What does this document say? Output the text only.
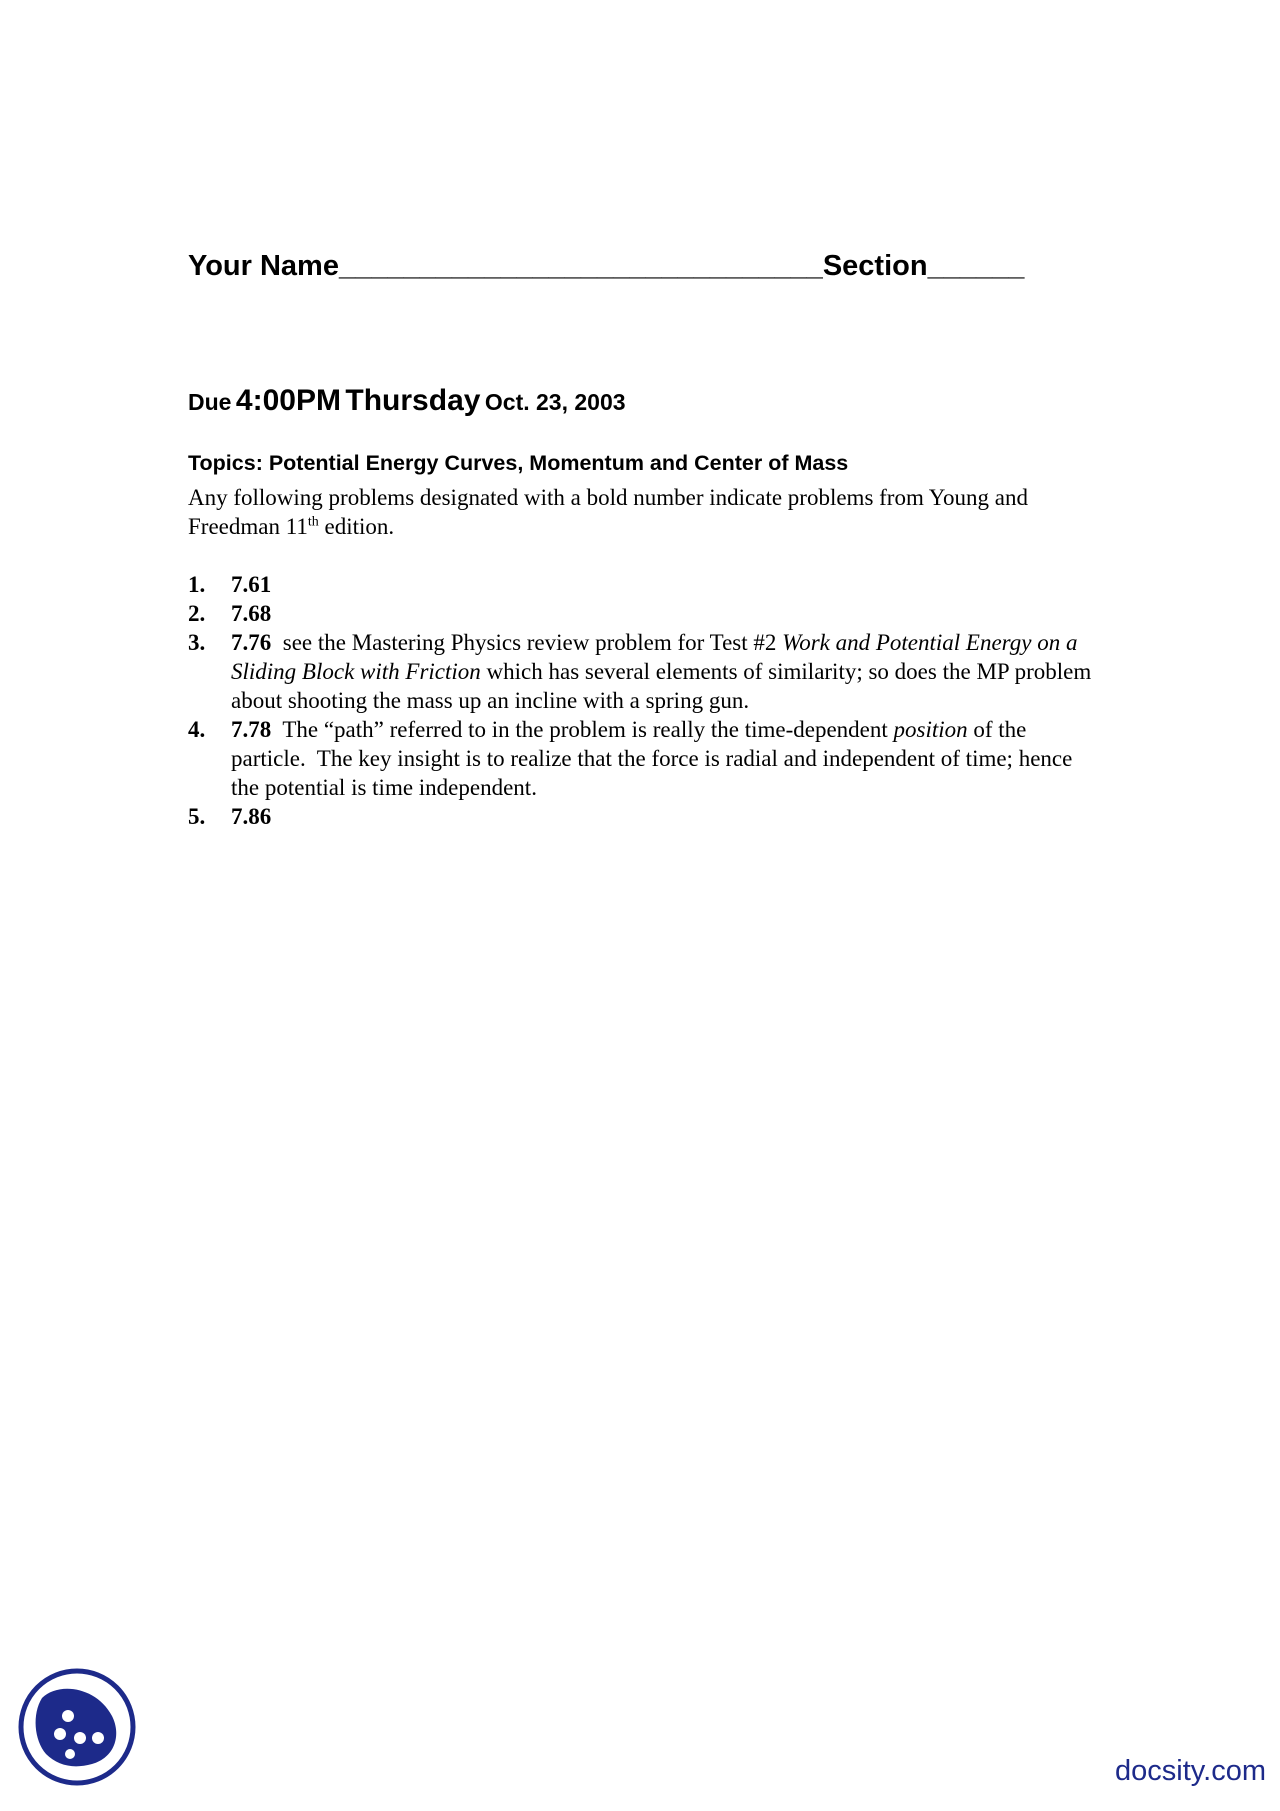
Your Name______________________________Section______
Due 4:00PM Thursday Oct. 23, 2003
Topics: Potential Energy Curves, Momentum and Center of Mass
Any following problems designated with a bold number indicate problems from Young and Freedman 11th edition.
1.	7.61
2.	7.68
3.	7.76  see the Mastering Physics review problem for Test #2 Work and Potential Energy on a Sliding Block with Friction which has several elements of similarity; so does the MP problem about shooting the mass up an incline with a spring gun.
4.	7.78  The “path” referred to in the problem is really the time-dependent position of the particle.  The key insight is to realize that the force is radial and independent of time; hence the potential is time independent.
5.	7.86
docsity.com
